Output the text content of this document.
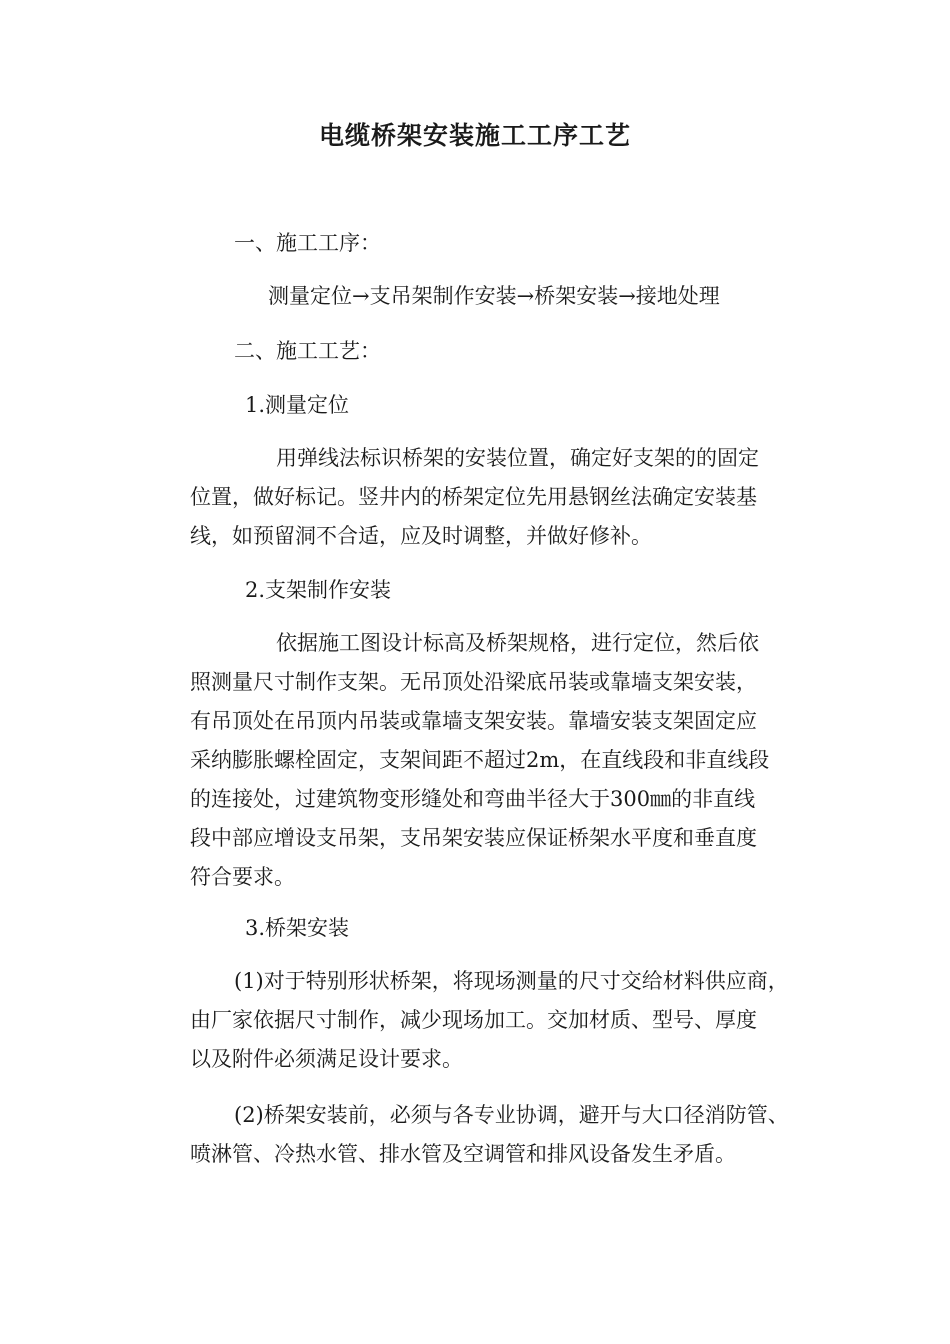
电缆桥架安装施工工序工艺
一、施工工序：
测量定位→支吊架制作安装→桥架安装→接地处理
二、施工工艺：
1.测量定位
用弹线法标识桥架的安装位置，确定好支架的的固定
位置，做好标记。竖井内的桥架定位先用悬钢丝法确定安装基
线，如预留洞不合适，应及时调整，并做好修补。
2.支架制作安装
依据施工图设计标高及桥架规格，进行定位，然后依
照测量尺寸制作支架。无吊顶处沿梁底吊装或靠墙支架安装，
有吊顶处在吊顶内吊装或靠墙支架安装。靠墙安装支架固定应
采纳膨胀螺栓固定，支架间距不超过2m，在直线段和非直线段
的连接处，过建筑物变形缝处和弯曲半径大于300㎜的非直线
段中部应增设支吊架，支吊架安装应保证桥架水平度和垂直度
符合要求。
3.桥架安装
(1)对于特别形状桥架，将现场测量的尺寸交给材料供应商，
由厂家依据尺寸制作，减少现场加工。交加材质、型号、厚度
以及附件必须满足设计要求。
(2)桥架安装前，必须与各专业协调，避开与大口径消防管、
喷淋管、冷热水管、排水管及空调管和排风设备发生矛盾。
